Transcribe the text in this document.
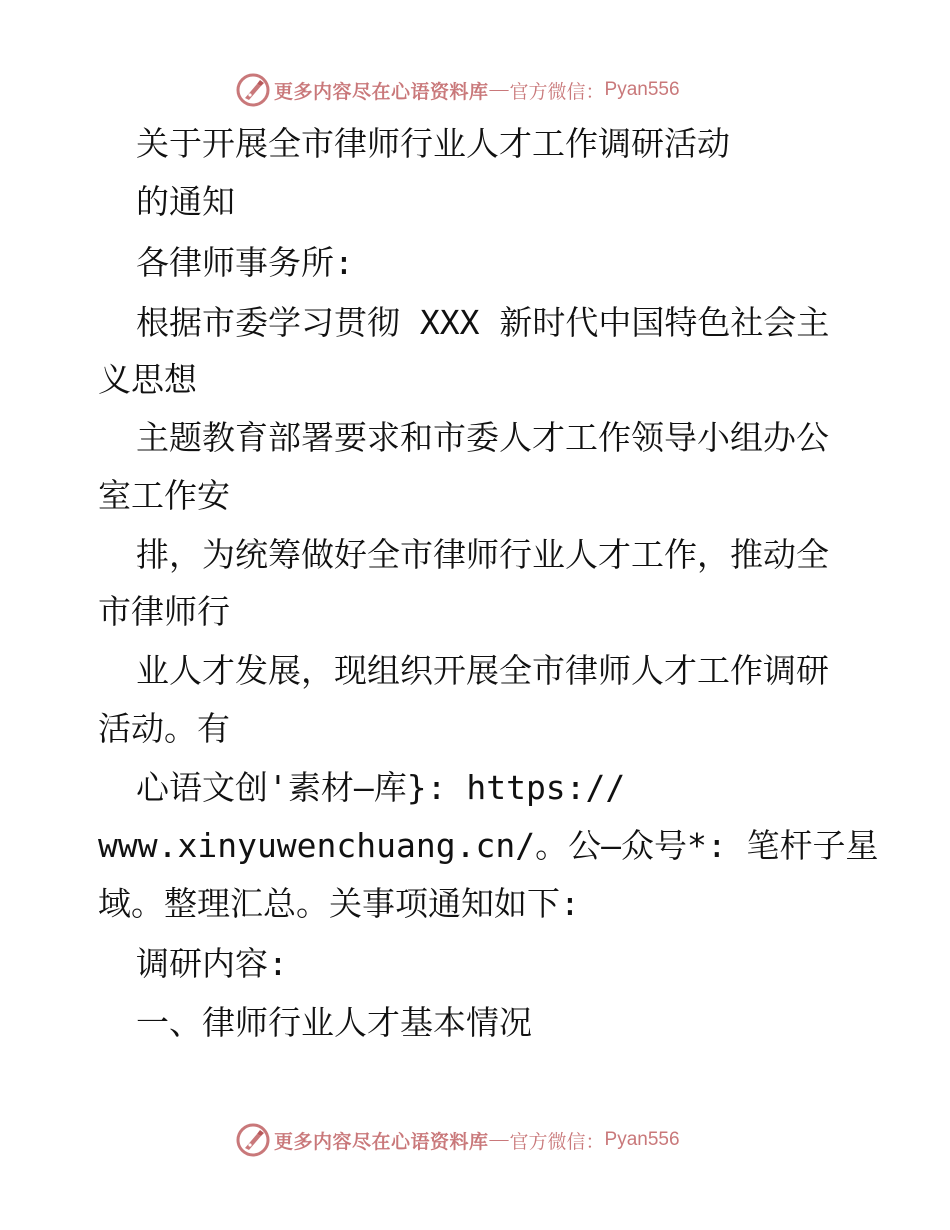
更多内容尽在心语资料库 — 官方微信： Pyan556
关于开展全市律师行业人才工作调研活动
的通知
各律师事务所:
根据市委学习贯彻 XXX 新时代中国特色社会主
义思想
主题教育部署要求和市委人才工作领导小组办公
室工作安
排，为统筹做好全市律师行业人才工作，推动全
市律师行
业人才发展，现组织开展全市律师人才工作调研
活动。有
心语文创'素材—库}: https://
www.xinyuwenchuang.cn/。公—众号*: 笔杆子星
域。整理汇总。关事项通知如下:
调研内容:
一、律师行业人才基本情况
更多内容尽在心语资料库 — 官方微信： Pyan556
